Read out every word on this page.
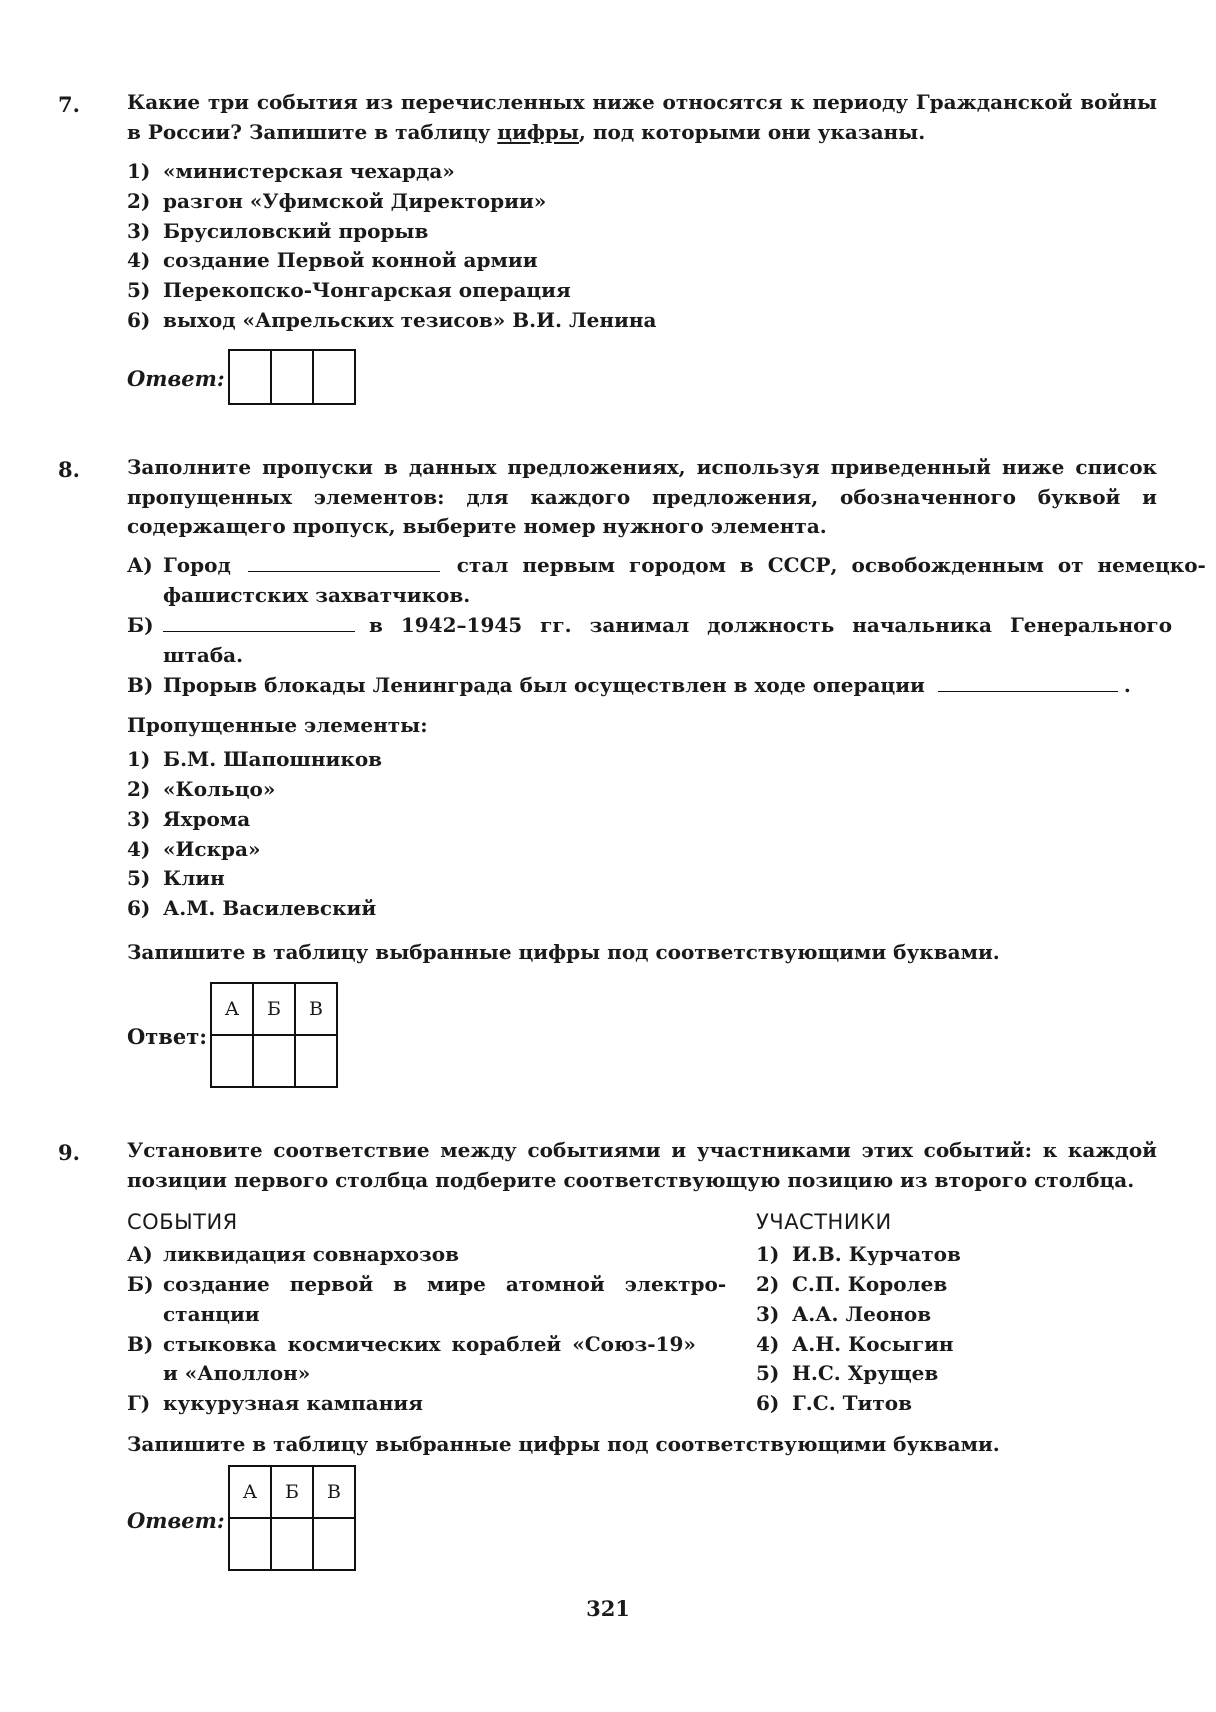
7. Какие три события из перечисленных ниже относятся к периоду Гражданской войны в России? Запишите в таблицу цифры, под которыми они указаны.

1) «министерская чехарда»
2) разгон «Уфимской Директории»
3) Брусиловский прорыв
4) создание Первой конной армии
5) Перекопско-Чонгарская операция
6) выход «Апрельских тезисов» В.И. Ленина
Ответ:

8. Заполните пропуски в данных предложениях, используя приведенный ниже список пропущенных элементов: для каждого предложения, обозначенного буквой и содержащего пропуск, выберите номер нужного элемента.

А) Город	стал первым городом в СССР, освобожденным от немецко-
фашистских захватчиков.
Б)	в 1942–1945 гг. занимал должность начальника Генерального
штаба.
В) Прорыв блокады Ленинграда был осуществлен в ходе операции	.
Пропущенные элементы:
1) Б.М. Шапошников
2) «Кольцо»
3) Яхрома
4) «Искра»
5) Клин
6) А.М. Василевский
Запишите в таблицу выбранные цифры под соответствующими буквами.
Ответ:
А	Б	В

9. Установите соответствие между событиями и участниками этих событий: к каждой позиции первого столбца подберите соответствующую позицию из второго столбца.

СОБЫТИЯ	УЧАСТНИКИ
А) ликвидация совнархозов
Б) создание первой в мире атомной электро-
станции
В) стыковка космических кораблей «Союз-19»
и «Аполлон»
Г) кукурузная кампания
1) И.В. Курчатов
2) С.П. Королев
3) А.А. Леонов
4) А.Н. Косыгин
5) Н.С. Хрущев
6) Г.С. Титов
Запишите в таблицу выбранные цифры под соответствующими буквами.
Ответ:
А	Б	В

321
